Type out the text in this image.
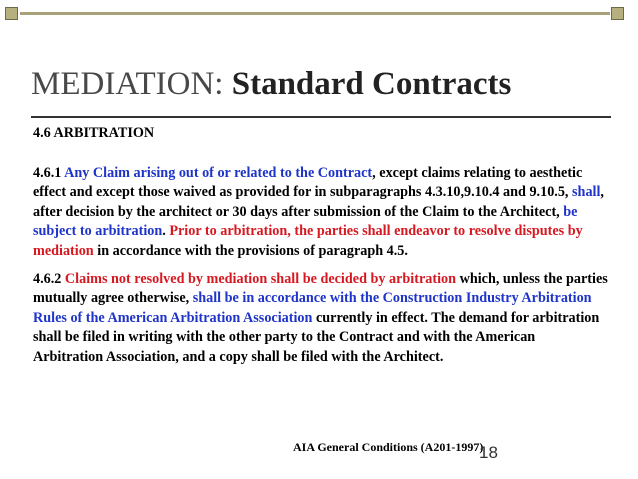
MEDIATION: Standard Contracts

4.6 ARBITRATION

4.6.1 Any Claim arising out of or related to the Contract, except claims relating to aesthetic effect and except those waived as provided for in subparagraphs 4.3.10,9.10.4 and 9.10.5, shall, after decision by the architect or 30 days after submission of the Claim to the Architect, be subject to arbitration. Prior to arbitration, the parties shall endeavor to resolve disputes by mediation in accordance with the provisions of paragraph 4.5.

4.6.2 Claims not resolved by mediation shall be decided by arbitration which, unless the parties mutually agree otherwise, shall be in accordance with the Construction Industry Arbitration Rules of the American Arbitration Association currently in effect. The demand for arbitration shall be filed in writing with the other party to the Contract and with the American Arbitration Association, and a copy shall be filed with the Architect.

AIA General Conditions (A201-1997)
18
